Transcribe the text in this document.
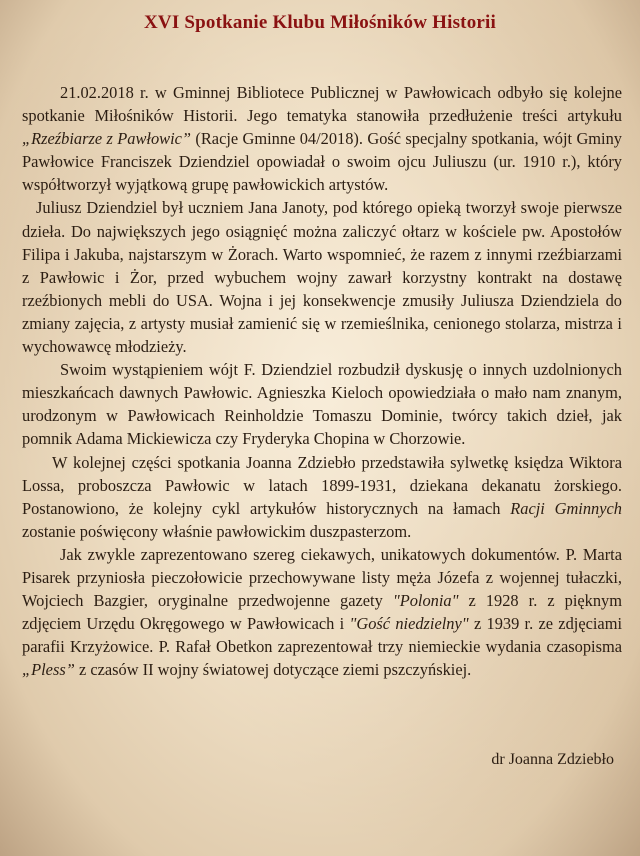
XVI Spotkanie Klubu Miłośników Historii

21.02.2018 r. w Gminnej Bibliotece Publicznej w Pawłowicach odbyło się kolejne spotkanie Miłośników Historii. Jego tematyka stanowiła przedłużenie treści artykułu „Rzeźbiarze z Pawłowic” (Racje Gminne 04/2018). Gość specjalny spotkania, wójt Gminy Pawłowice Franciszek Dziendziel opowiadał o swoim ojcu Juliuszu (ur. 1910 r.), który współtworzył wyjątkową grupę pawłowickich artystów.

Juliusz Dziendziel był uczniem Jana Janoty, pod którego opieką tworzył swoje pierwsze dzieła. Do największych jego osiągnięć można zaliczyć ołtarz w kościele pw. Apostołów Filipa i Jakuba, najstarszym w Żorach. Warto wspomnieć, że razem z innymi rzeźbiarzami z Pawłowic i Żor, przed wybuchem wojny zawarł korzystny kontrakt na dostawę rzeźbionych mebli do USA. Wojna i jej konsekwencje zmusiły Juliusza Dziendziela do zmiany zajęcia, z artysty musiał zamienić się w rzemieślnika, cenionego stolarza, mistrza i wychowawcę młodzieży.

Swoim wystąpieniem wójt F. Dziendziel rozbudził dyskusję o innych uzdolnionych mieszkańcach dawnych Pawłowic. Agnieszka Kieloch opowiedziała o mało nam znanym, urodzonym w Pawłowicach Reinholdzie Tomaszu Dominie, twórcy takich dzieł, jak pomnik Adama Mickiewicza czy Fryderyka Chopina w Chorzowie.

W kolejnej części spotkania Joanna Zdziebło przedstawiła sylwetkę księdza Wiktora Lossa, proboszcza Pawłowic w latach 1899-1931, dziekana dekanatu żorskiego. Postanowiono, że kolejny cykl artykułów historycznych na łamach Racji Gminnych zostanie poświęcony właśnie pawłowickim duszpasterzom.

Jak zwykle zaprezentowano szereg ciekawych, unikatowych dokumentów. P. Marta Pisarek przyniosła pieczołowicie przechowywane listy męża Józefa z wojennej tułaczki, Wojciech Bazgier, oryginalne przedwojenne gazety "Polonia" z 1928 r. z pięknym zdjęciem Urzędu Okręgowego w Pawłowicach i "Gość niedzielny" z 1939 r. ze zdjęciami parafii Krzyżowice. P. Rafał Obetkon zaprezentował trzy niemieckie wydania czasopisma „Pless” z czasów II wojny światowej dotyczące ziemi pszczyńskiej.

dr Joanna Zdziebło
